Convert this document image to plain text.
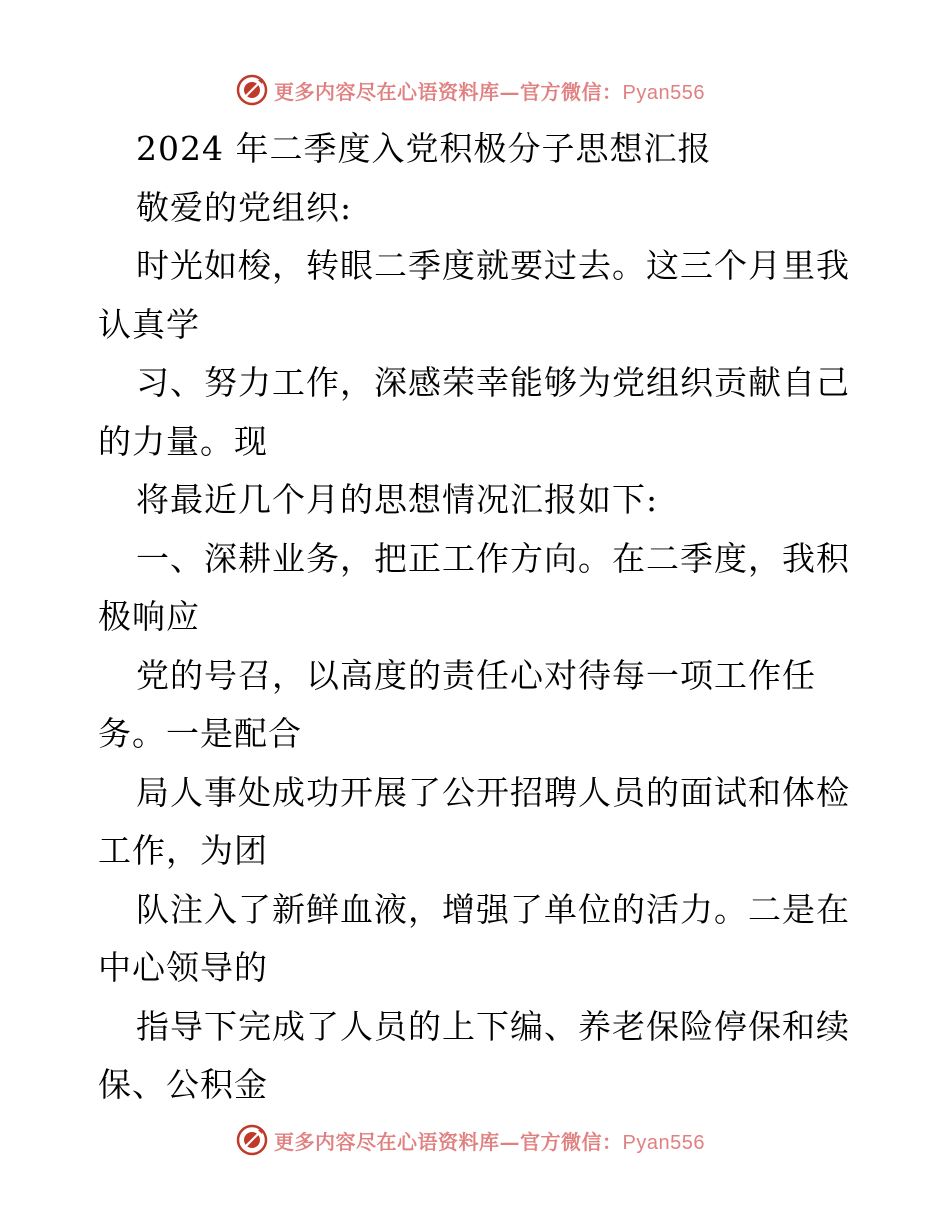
更多内容尽在心语资料库—官方微信：Pyan556
2024 年二季度入党积极分子思想汇报
敬爱的党组织:
时光如梭，转眼二季度就要过去。这三个月里我
认真学
习、努力工作，深感荣幸能够为党组织贡献自己
的力量。现
将最近几个月的思想情况汇报如下:
一、深耕业务，把正工作方向。在二季度，我积
极响应
党的号召，以高度的责任心对待每一项工作任
务。一是配合
局人事处成功开展了公开招聘人员的面试和体检
工作，为团
队注入了新鲜血液，增强了单位的活力。二是在
中心领导的
指导下完成了人员的上下编、养老保险停保和续
保、公积金
更多内容尽在心语资料库—官方微信：Pyan556
